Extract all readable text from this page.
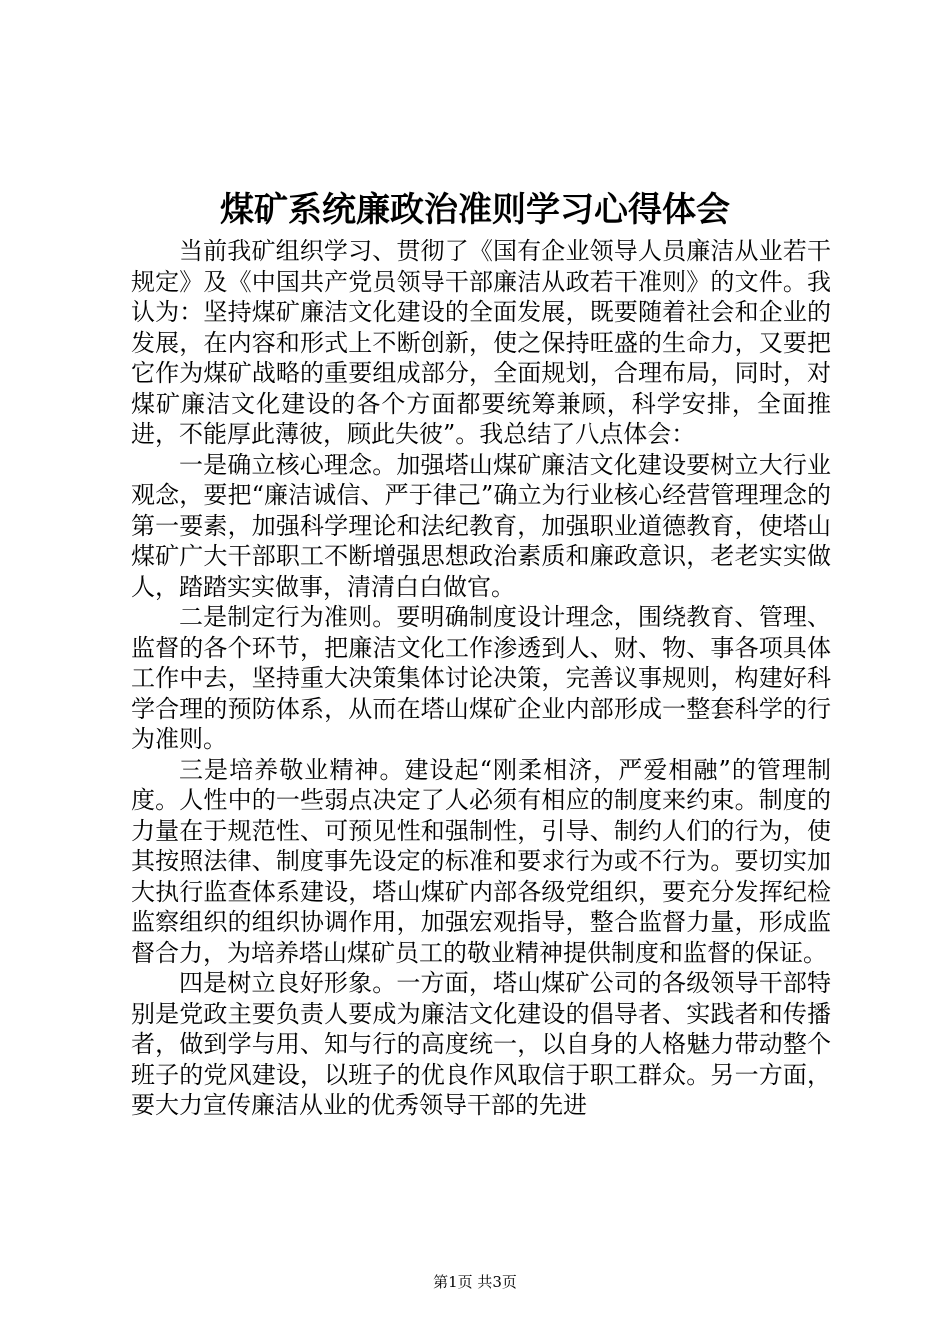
煤矿系统廉政治准则学习心得体会

当前我矿组织学习、贯彻了《国有企业领导人员廉洁从业若干规定》及《中国共产党员领导干部廉洁从政若干准则》的文件。我认为：坚持煤矿廉洁文化建设的全面发展，既要随着社会和企业的发展，在内容和形式上不断创新，使之保持旺盛的生命力，又要把它作为煤矿战略的重要组成部分，全面规划，合理布局，同时，对煤矿廉洁文化建设的各个方面都要统筹兼顾，科学安排，全面推进，不能厚此薄彼，顾此失彼”。我总结了八点体会：

一是确立核心理念。加强塔山煤矿廉洁文化建设要树立大行业观念，要把“廉洁诚信、严于律己”确立为行业核心经营管理理念的第一要素，加强科学理论和法纪教育，加强职业道德教育，使塔山煤矿广大干部职工不断增强思想政治素质和廉政意识，老老实实做人，踏踏实实做事，清清白白做官。

二是制定行为准则。要明确制度设计理念，围绕教育、管理、监督的各个环节，把廉洁文化工作渗透到人、财、物、事各项具体工作中去，坚持重大决策集体讨论决策，完善议事规则，构建好科学合理的预防体系，从而在塔山煤矿企业内部形成一整套科学的行为准则。

三是培养敬业精神。建设起“刚柔相济，严爱相融”的管理制度。人性中的一些弱点决定了人必须有相应的制度来约束。制度的力量在于规范性、可预见性和强制性，引导、制约人们的行为，使其按照法律、制度事先设定的标准和要求行为或不行为。要切实加大执行监查体系建设，塔山煤矿内部各级党组织，要充分发挥纪检监察组织的组织协调作用，加强宏观指导，整合监督力量，形成监督合力，为培养塔山煤矿员工的敬业精神提供制度和监督的保证。

四是树立良好形象。一方面，塔山煤矿公司的各级领导干部特别是党政主要负责人要成为廉洁文化建设的倡导者、实践者和传播者，做到学与用、知与行的高度统一，以自身的人格魅力带动整个班子的党风建设，以班子的优良作风取信于职工群众。另一方面，要大力宣传廉洁从业的优秀领导干部的先进

第1页 共3页
